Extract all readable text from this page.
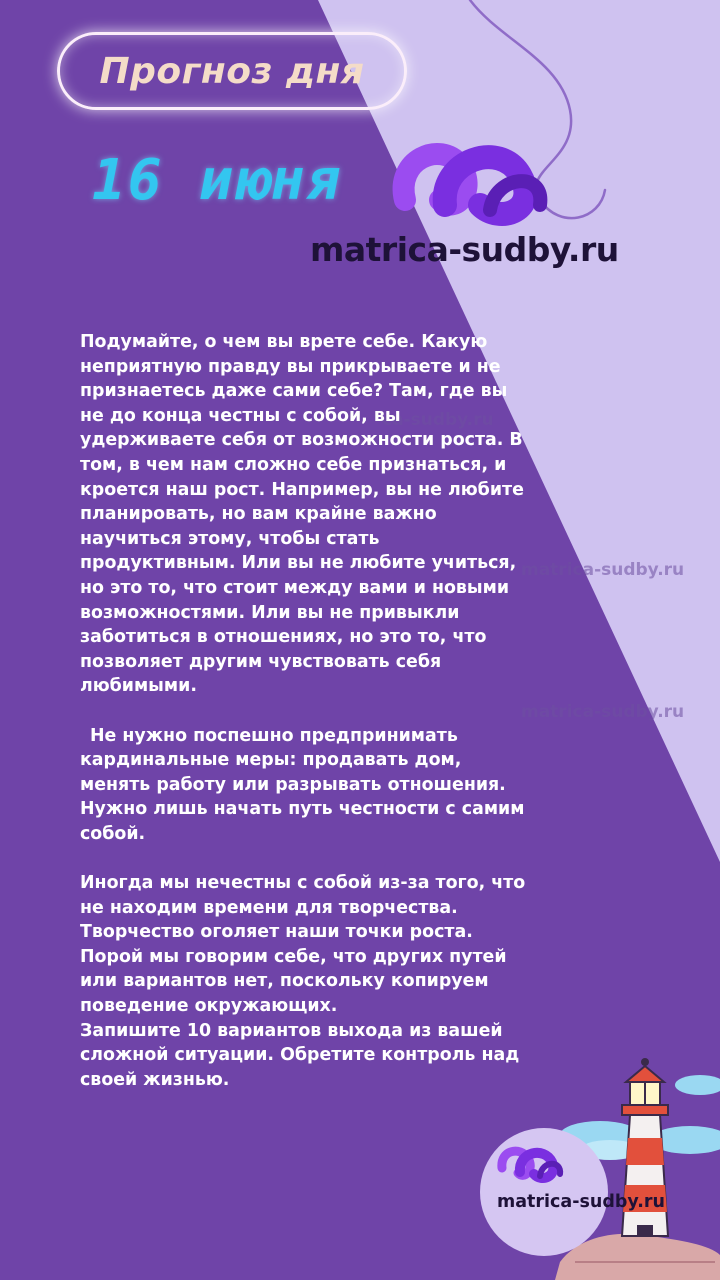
Прогноз дня
16 июня
matrica-sudby.ru
ca-sudby.ru
matrica-sudby.ru
matrica-sudby.ru

Подумайте, о чем вы врете себе. Какую неприятную правду вы прикрываете и не признаетесь даже сами себе? Там, где вы не до конца честны с собой, вы удерживаете себя от возможности роста. В том, в чем нам сложно себе признаться, и кроется наш рост. Например, вы не любите планировать, но вам крайне важно научиться этому, чтобы стать продуктивным. Или вы не любите учиться, но это то, что стоит между вами и новыми возможностями. Или вы не привыкли заботиться в отношениях, но это то, что позволяет другим чувствовать себя любимыми.

Не нужно поспешно предпринимать кардинальные меры: продавать дом, менять работу или разрывать отношения. Нужно лишь начать путь честности с самим собой.

Иногда мы нечестны с собой из-за того, что не находим времени для творчества. Творчество оголяет наши точки роста. Порой мы говорим себе, что других путей или вариантов нет, поскольку копируем поведение окружающих.

Запишите 10 вариантов выхода из вашей сложной ситуации. Обретите контроль над своей жизнью.

matrica-sudby.ru
